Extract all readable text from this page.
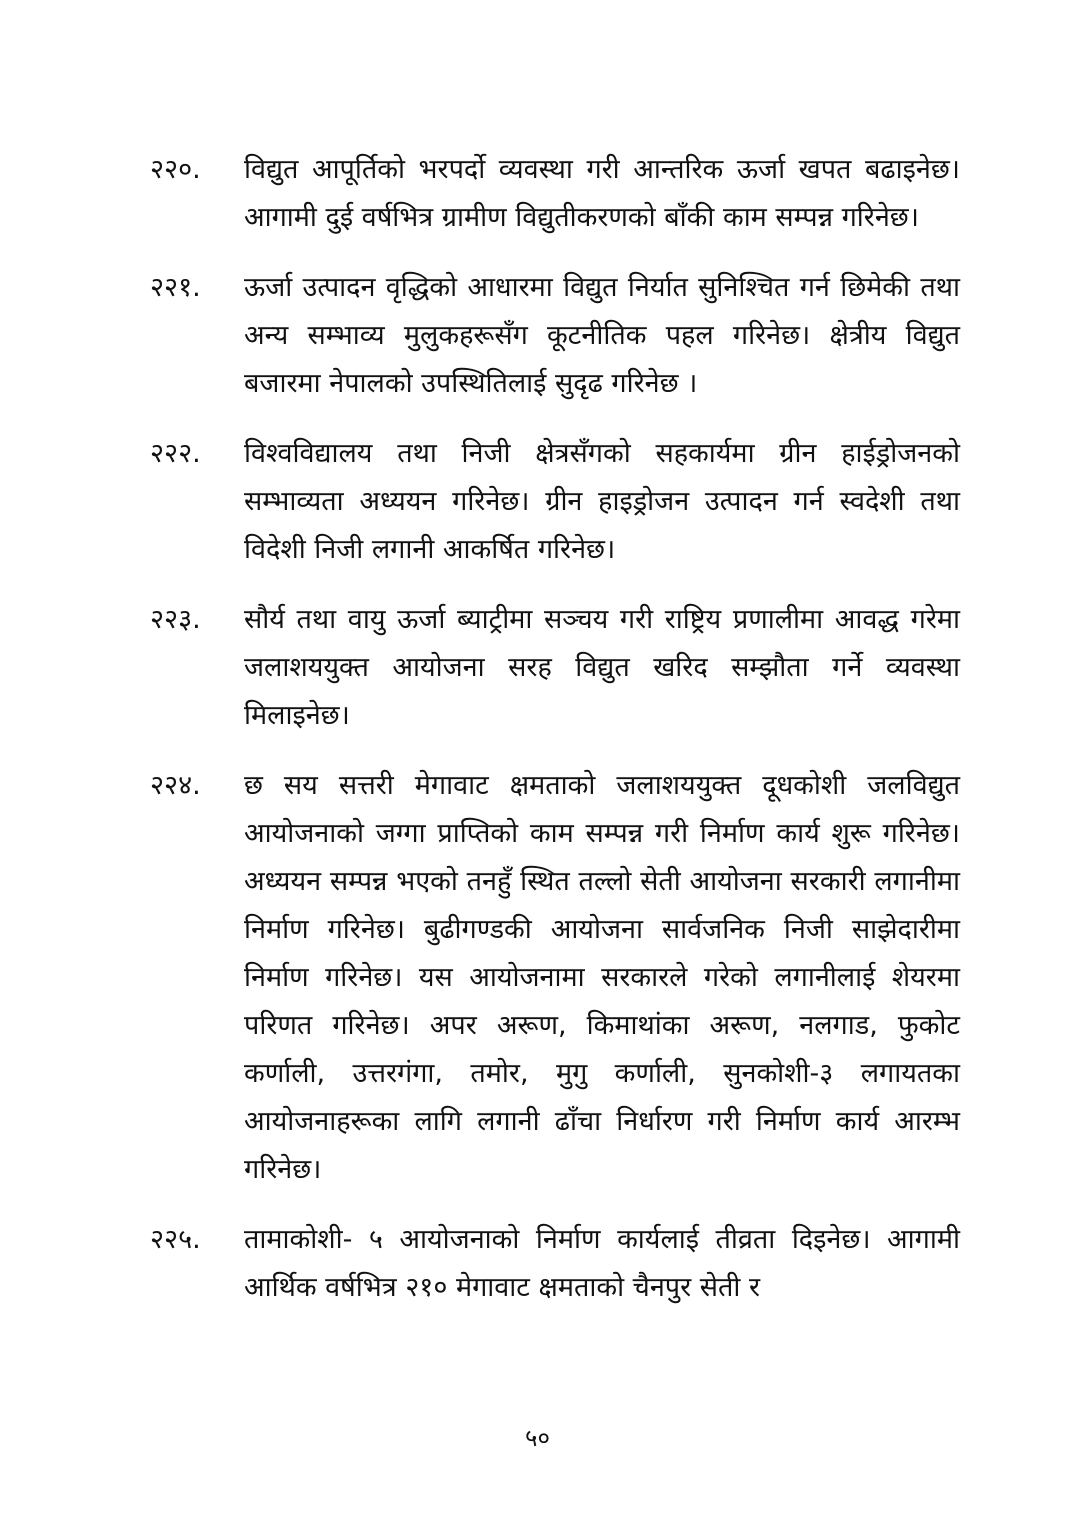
२२०.	विद्युत आपूर्तिको भरपर्दो व्यवस्था गरी आन्तरिक ऊर्जा खपत बढाइनेछ। आगामी दुई वर्षभित्र ग्रामीण विद्युतीकरणको बाँकी काम सम्पन्न गरिनेछ।
२२१.	ऊर्जा उत्पादन वृद्धिको आधारमा विद्युत निर्यात सुनिश्चित गर्न छिमेकी तथा अन्य सम्भाव्य मुलुकहरूसँग कूटनीतिक पहल गरिनेछ। क्षेत्रीय विद्युत बजारमा नेपालको उपस्थितिलाई सुदृढ गरिनेछ ।
२२२.	विश्वविद्यालय तथा निजी क्षेत्रसँगको सहकार्यमा ग्रीन हाईड्रोजनको सम्भाव्यता अध्ययन गरिनेछ। ग्रीन हाइड्रोजन उत्पादन गर्न स्वदेशी तथा विदेशी निजी लगानी आकर्षित गरिनेछ।
२२३.	सौर्य तथा वायु ऊर्जा ब्याट्रीमा सञ्चय गरी राष्ट्रिय प्रणालीमा आवद्ध गरेमा जलाशययुक्त आयोजना सरह विद्युत खरिद सम्झौता गर्ने व्यवस्था मिलाइनेछ।
२२४.	छ सय सत्तरी मेगावाट क्षमताको जलाशययुक्त दूधकोशी जलविद्युत आयोजनाको जग्गा प्राप्तिको काम सम्पन्न गरी निर्माण कार्य शुरू गरिनेछ। अध्ययन सम्पन्न भएको तनहुँ स्थित तल्लो सेती आयोजना सरकारी लगानीमा निर्माण गरिनेछ। बुढीगण्डकी आयोजना सार्वजनिक निजी साझेदारीमा निर्माण गरिनेछ। यस आयोजनामा सरकारले गरेको लगानीलाई शेयरमा परिणत गरिनेछ। अपर अरूण, किमाथांका अरूण, नलगाड, फुकोट कर्णाली, उत्तरगंगा, तमोर, मुगु कर्णाली, सुनकोशी-३ लगायतका आयोजनाहरूका लागि लगानी ढाँचा निर्धारण गरी निर्माण कार्य आरम्भ गरिनेछ।
२२५.	तामाकोशी- ५ आयोजनाको निर्माण कार्यलाई तीव्रता दिइनेछ। आगामी आर्थिक वर्षभित्र २१० मेगावाट क्षमताको चैनपुर सेती र
५०
